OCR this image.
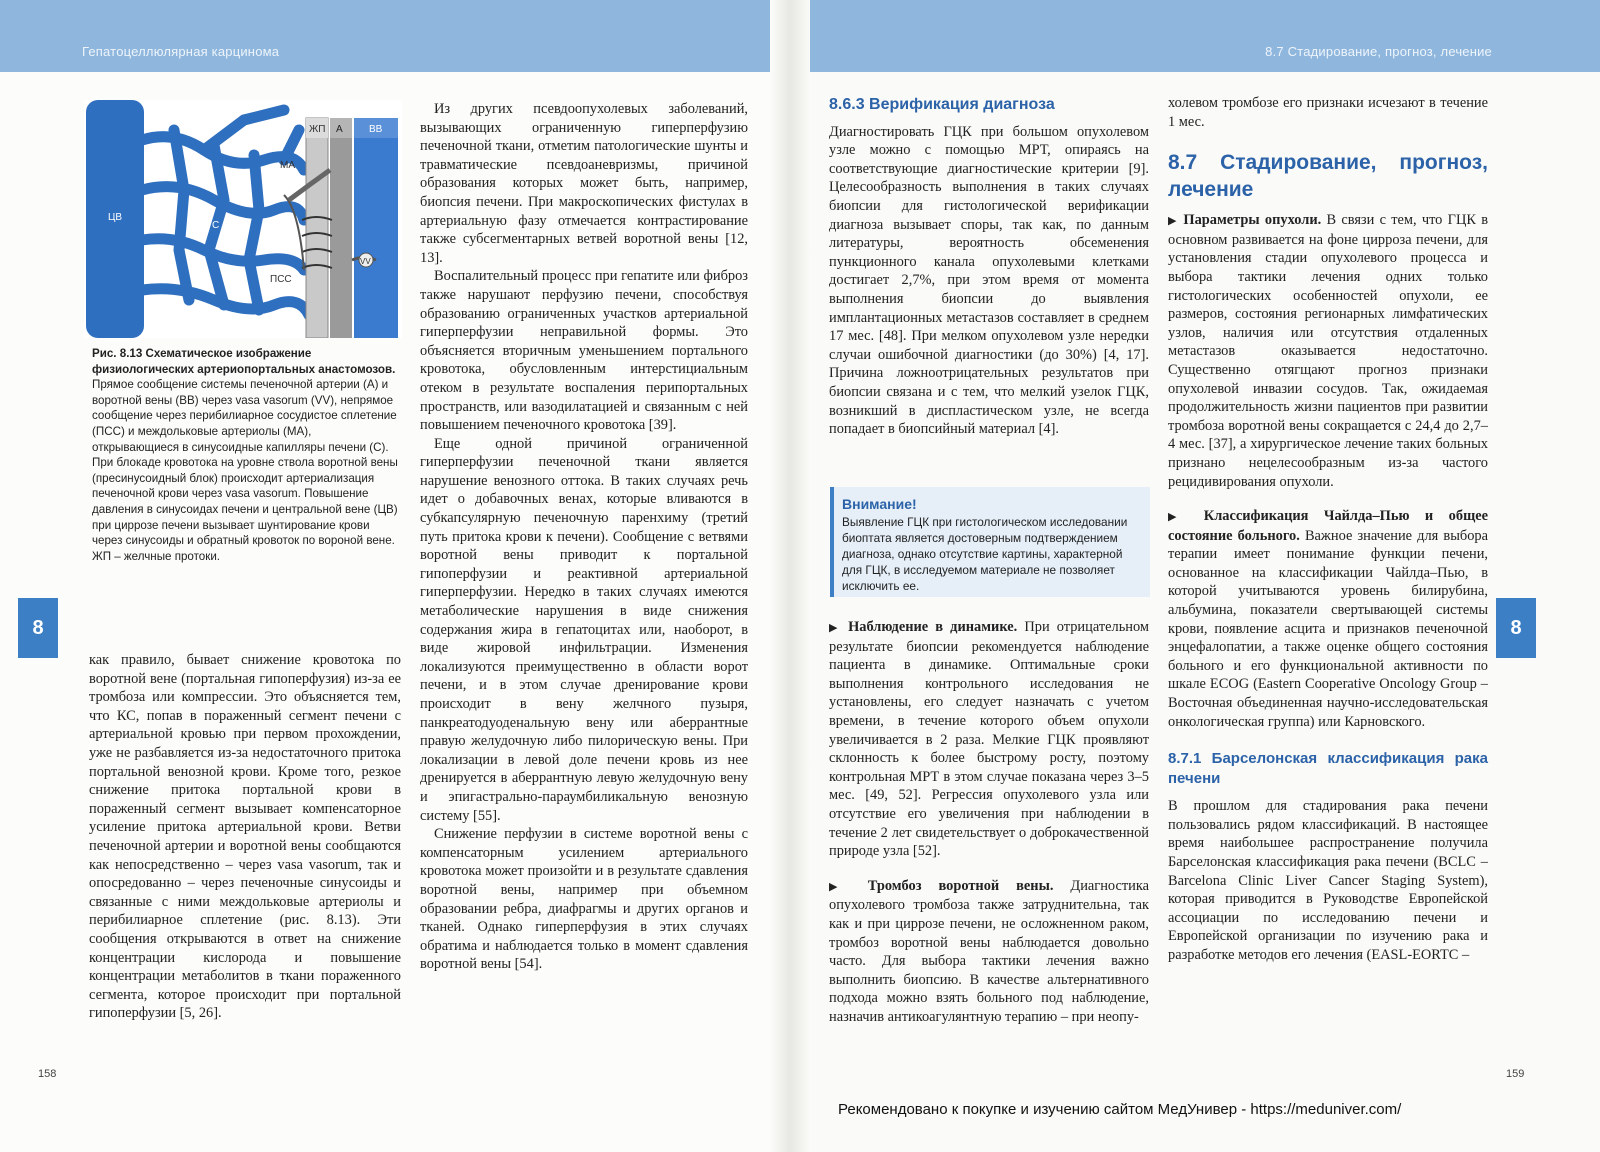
Гепатоцеллюлярная карцинома
ЖП А	ВВ
МА
ЦВ
С
ПСС
VV
Рис. 8.13 Схематическое изображение физиологических артериопортальных анастомозов.
Прямое сообщение системы печеночной артерии (А) и воротной вены (ВВ) через vasa vasorum (VV), непрямое сообщение через перибилиарное сосудистое сплетение (ПСС) и междольковые артериолы (МА), открывающиеся в синусоидные капилляры печени (С). При блокаде кровотока на уровне ствола воротной вены (пресинусоидный блок) происходит артериализация печеночной крови через vasa vasorum. Повышение давления в синусоидах печени и центральной вене (ЦВ) при циррозе печени вызывает шунтирование крови через синусоиды и обратный кровоток по вороной вене. ЖП – желчные протоки.
8

как правило, бывает снижение кровотока по воротной вене (портальная гипоперфузия) из-за ее тромбоза или компрессии. Это объясняется тем, что КС, попав в пораженный сегмент печени с артериальной кровью при первом прохождении, уже не разбавляется из-за недостаточного притока портальной венозной крови. Кроме того, резкое снижение притока портальной крови в пораженный сегмент вызывает компенсаторное усиление притока артериальной крови. Ветви печеночной артерии и воротной вены сообщаются как непосредственно – через vasa vasorum, так и опосредованно – через печеночные синусоиды и связанные с ними междольковые артериолы и перибилиарное сплетение (рис. 8.13). Эти сообщения открываются в ответ на снижение концентрации кислорода и повышение концентрации метаболитов в ткани пораженного сегмента, которое происходит при портальной гипоперфузии [5, 26].

Из других псевдоопухолевых заболеваний, вызывающих ограниченную гиперперфузию печеночной ткани, отметим патологические шунты и травматические псевдоаневризмы, причиной образования которых может быть, например, биопсия печени. При макроскопических фистулах в артериальную фазу отмечается контрастирование также субсегментарных ветвей воротной вены [12, 13].

Воспалительный процесс при гепатите или фиброз также нарушают перфузию печени, способствуя образованию ограниченных участков артериальной гиперперфузии неправильной формы. Это объясняется вторичным уменьшением портального кровотока, обусловленным интерстициальным отеком в результате воспаления перипортальных пространств, или вазодилатацией и связанным с ней повышением печеночного кровотока [39].

Еще одной причиной ограниченной гиперперфузии печеночной ткани является нарушение венозного оттока. В таких случаях речь идет о добавочных венах, которые вливаются в субкапсулярную печеночную паренхиму (третий путь притока крови к печени). Сообщение с ветвями воротной вены приводит к портальной гипоперфузии и реактивной артериальной гиперперфузии. Нередко в таких случаях имеются метаболические нарушения в виде снижения содержания жира в гепатоцитах или, наоборот, в виде жировой инфильтрации. Изменения локализуются преимущественно в области ворот печени, и в этом случае дренирование крови происходит в вену желчного пузыря, панкреатодуоденальную вену или аберрантные правую желудочную либо пилорическую вены. При локализации в левой доле печени кровь из нее дренируется в аберрантную левую желудочную вену и эпигастрально-параумбиликальную венозную систему [55].

Снижение перфузии в системе воротной вены с компенсаторным усилением артериального кровотока может произойти и в результате сдавления воротной вены, например при объемном образовании ребра, диафрагмы и других органов и тканей. Однако гиперперфузия в этих случаях обратима и наблюдается только в момент сдавления воротной вены [54].

158
8.7 Стадирование, прогноз, лечение
8
159
8.6.3 Верификация диагноза

Диагностировать ГЦК при большом опухолевом узле можно с помощью МРТ, опираясь на соответствующие диагностические критерии [9]. Целесообразность выполнения в таких случаях биопсии для гистологической верификации диагноза вызывает споры, так как, по данным литературы, вероятность обсеменения пункционного канала опухолевыми клетками достигает 2,7%, при этом время от момента выполнения биопсии до выявления имплантационных метастазов составляет в среднем 17 мес. [48]. При мелком опухолевом узле нередки случаи ошибочной диагностики (до 30%) [4, 17]. Причина ложноотрицательных результатов при биопсии связана и с тем, что мелкий узелок ГЦК, возникший в диспластическом узле, не всегда попадает в биопсийный материал [4].

Внимание!
Выявление ГЦК при гистологическом исследовании биоптата является достоверным подтверждением диагноза, однако отсутствие картины, характерной для ГЦК, в исследуемом материале не позволяет исключить ее.

▶ Наблюдение в динамике. При отрицательном результате биопсии рекомендуется наблюдение пациента в динамике. Оптимальные сроки выполнения контрольного исследования не установлены, его следует назначать с учетом времени, в течение которого объем опухоли увеличивается в 2 раза. Мелкие ГЦК проявляют склонность к более быстрому росту, поэтому контрольная МРТ в этом случае показана через 3–5 мес. [49, 52]. Регрессия опухолевого узла или отсутствие его увеличения при наблюдении в течение 2 лет свидетельствует о доброкачественной природе узла [52].

▶ Тромбоз воротной вены. Диагностика опухолевого тромбоза также затруднительна, так как и при циррозе печени, не осложненном раком, тромбоз воротной вены наблюдается довольно часто. Для выбора тактики лечения важно выполнить биопсию. В качестве альтернативного подхода можно взять больного под наблюдение, назначив антикоагулянтную терапию – при неопу-

холевом тромбозе его признаки исчезают в течение 1 мес.

8.7 Стадирование, прогноз, лечение

▶ Параметры опухоли. В связи с тем, что ГЦК в основном развивается на фоне цирроза печени, для установления стадии опухолевого процесса и выбора тактики лечения одних только гистологических особенностей опухоли, ее размеров, состояния регионарных лимфатических узлов, наличия или отсутствия отдаленных метастазов оказывается недостаточно. Существенно отягщают прогноз признаки опухолевой инвазии сосудов. Так, ожидаемая продолжительность жизни пациентов при развитии тромбоза воротной вены сокращается с 24,4 до 2,7–4 мес. [37], а хирургическое лечение таких больных признано нецелесообразным из-за частого рецидивирования опухоли.

▶ Классификация Чайлда–Пью и общее состояние больного. Важное значение для выбора терапии имеет понимание функции печени, основанное на классификации Чайлда–Пью, в которой учитываются уровень билирубина, альбумина, показатели свертывающей системы крови, появление асцита и признаков печеночной энцефалопатии, а также оценке общего состояния больного и его функциональной активности по шкале ECOG (Eastern Cooperative Oncology Group – Восточная объединенная научно-исследовательская онкологическая группа) или Карновского.

8.7.1 Барселонская классификация рака печени

В прошлом для стадирования рака печени пользовались рядом классификаций. В настоящее время наибольшее распространение получила Барселонская классификация рака печени (BCLC – Barcelona Clinic Liver Cancer Staging System), которая приводится в Руководстве Европейской ассоциации по исследованию печени и Европейской организации по изучению рака и разработке методов его лечения (EASL-EORTC –

Рекомендовано к покупке и изучению сайтом МедУнивер - https://meduniver.com/
